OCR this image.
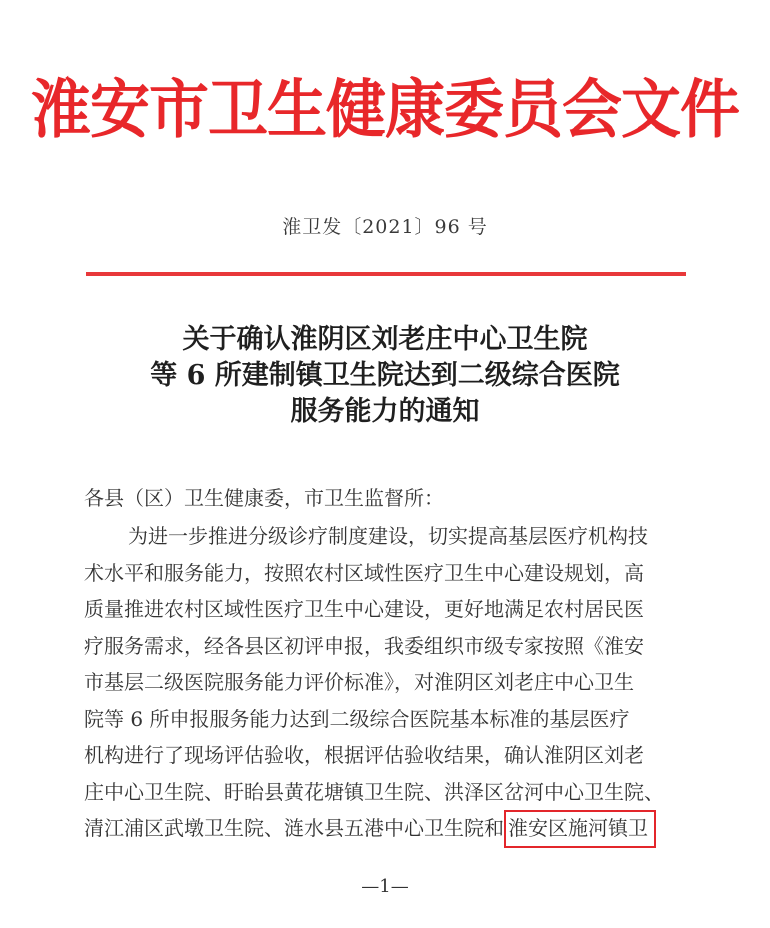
淮安市卫生健康委员会文件
淮卫发〔2021〕96 号
关于确认淮阴区刘老庄中心卫生院
等 6 所建制镇卫生院达到二级综合医院
服务能力的通知
各县（区）卫生健康委，市卫生监督所：
为进一步推进分级诊疗制度建设，切实提高基层医疗机构技
术水平和服务能力，按照农村区域性医疗卫生中心建设规划，高
质量推进农村区域性医疗卫生中心建设，更好地满足农村居民医
疗服务需求，经各县区初评申报，我委组织市级专家按照《淮安
市基层二级医院服务能力评价标准》，对淮阴区刘老庄中心卫生
院等 6 所申报服务能力达到二级综合医院基本标准的基层医疗
机构进行了现场评估验收，根据评估验收结果，确认淮阴区刘老
庄中心卫生院、盱眙县黄花塘镇卫生院、洪泽区岔河中心卫生院、
清江浦区武墩卫生院、涟水县五港中心卫生院和 淮安区施河镇卫
—1—
